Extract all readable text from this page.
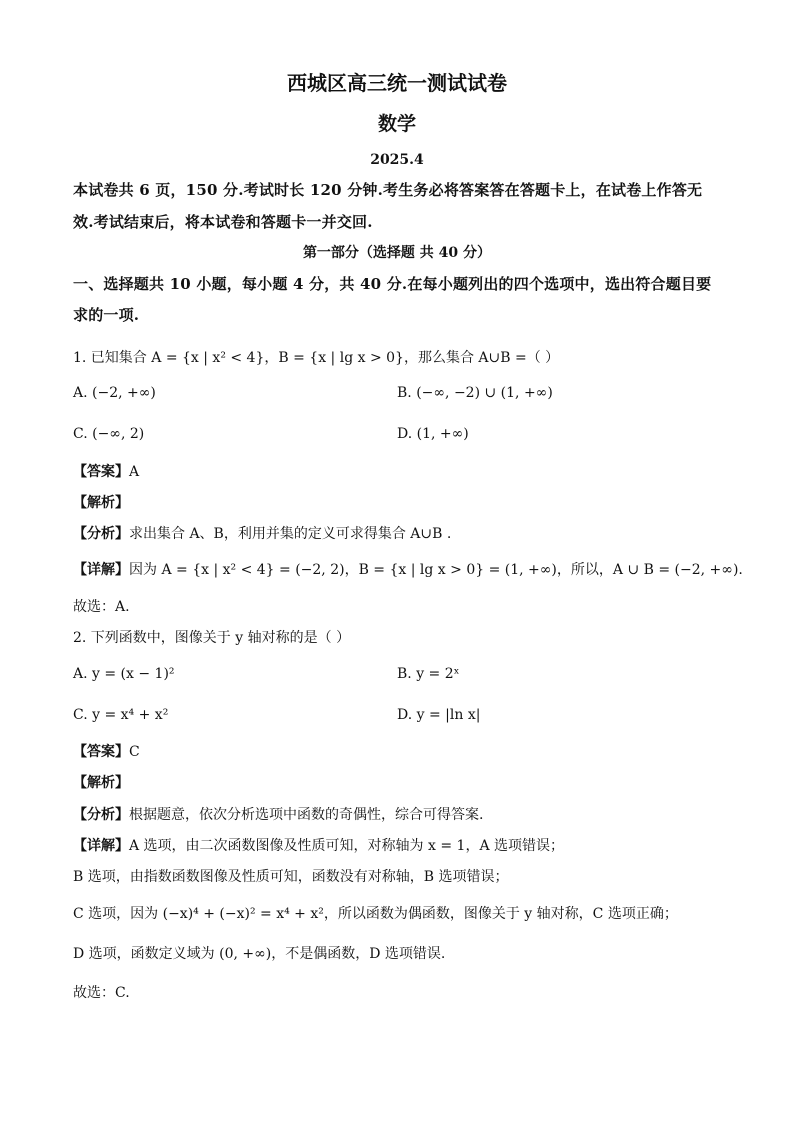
西城区高三统一测试试卷
数学
2025.4
本试卷共 6 页，150 分.考试时长 120 分钟.考生务必将答案答在答题卡上，在试卷上作答无
效.考试结束后，将本试卷和答题卡一并交回.
第一部分（选择题 共 40 分）
一、选择题共 10 小题，每小题 4 分，共 40 分.在每小题列出的四个选项中，选出符合题目要
求的一项.
1. 已知集合 A = {x | x² < 4}，B = {x | lg x > 0}，那么集合 A∪B =（ ）
A. (−2, +∞)	B. (−∞, −2) ∪ (1, +∞)
C. (−∞, 2)	D. (1, +∞)
【答案】A
【解析】
【分析】求出集合 A、B，利用并集的定义可求得集合 A∪B .
【详解】因为 A = {x | x² < 4} = (−2, 2)，B = {x | lg x > 0} = (1, +∞)，所以，A ∪ B = (−2, +∞).
故选：A.
2. 下列函数中，图像关于 y 轴对称的是（ ）
A. y = (x − 1)²	B. y = 2ˣ
C. y = x⁴ + x²	D. y = |ln x|
【答案】C
【解析】
【分析】根据题意，依次分析选项中函数的奇偶性，综合可得答案.
【详解】A 选项，由二次函数图像及性质可知，对称轴为 x = 1，A 选项错误；
B 选项，由指数函数图像及性质可知，函数没有对称轴，B 选项错误；
C 选项，因为 (−x)⁴ + (−x)² = x⁴ + x²，所以函数为偶函数，图像关于 y 轴对称，C 选项正确；
D 选项，函数定义域为 (0, +∞)，不是偶函数，D 选项错误.
故选：C.
